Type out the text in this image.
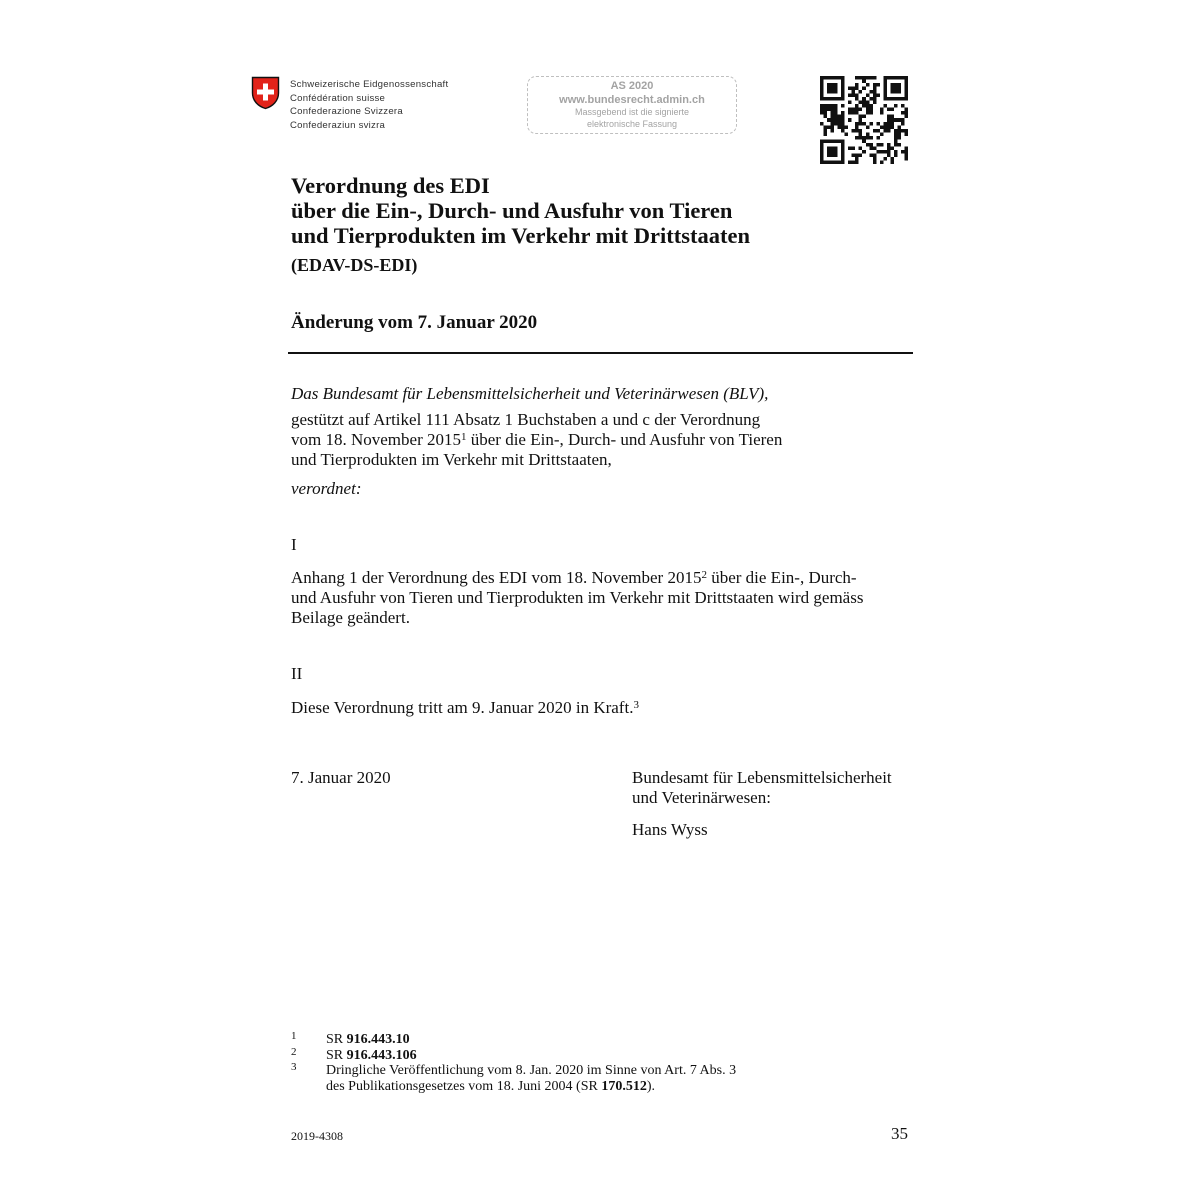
Schweizerische Eidgenossenschaft
Confédération suisse
Confederazione Svizzera
Confederaziun svizra
AS 2020
www.bundesrecht.admin.ch
Massgebend ist die signierte
elektronische Fassung
Verordnung des EDI
über die Ein-, Durch- und Ausfuhr von Tieren
und Tierprodukten im Verkehr mit Drittstaaten
(EDAV-DS-EDI)
Änderung vom 7. Januar 2020
Das Bundesamt für Lebensmittelsicherheit und Veterinärwesen (BLV),
gestützt auf Artikel 111 Absatz 1 Buchstaben a und c der Verordnung
vom 18. November 2015$^1$ über die Ein-, Durch- und Ausfuhr von Tieren
und Tierprodukten im Verkehr mit Drittstaaten,
verordnet:
I
Anhang 1 der Verordnung des EDI vom 18. November 2015$^2$ über die Ein-, Durch-
und Ausfuhr von Tieren und Tierprodukten im Verkehr mit Drittstaaten wird gemäss
Beilage geändert.
II
Diese Verordnung tritt am 9. Januar 2020 in Kraft.$^3$
7. Januar 2020	Bundesamt für Lebensmittelsicherheit
und Veterinärwesen:
Hans Wyss
1 SR 916.443.10
2 SR 916.443.106
3 Dringliche Veröffentlichung vom 8. Jan. 2020 im Sinne von Art. 7 Abs. 3
des Publikationsgesetzes vom 18. Juni 2004 (SR 170.512).
2019-4308	35
